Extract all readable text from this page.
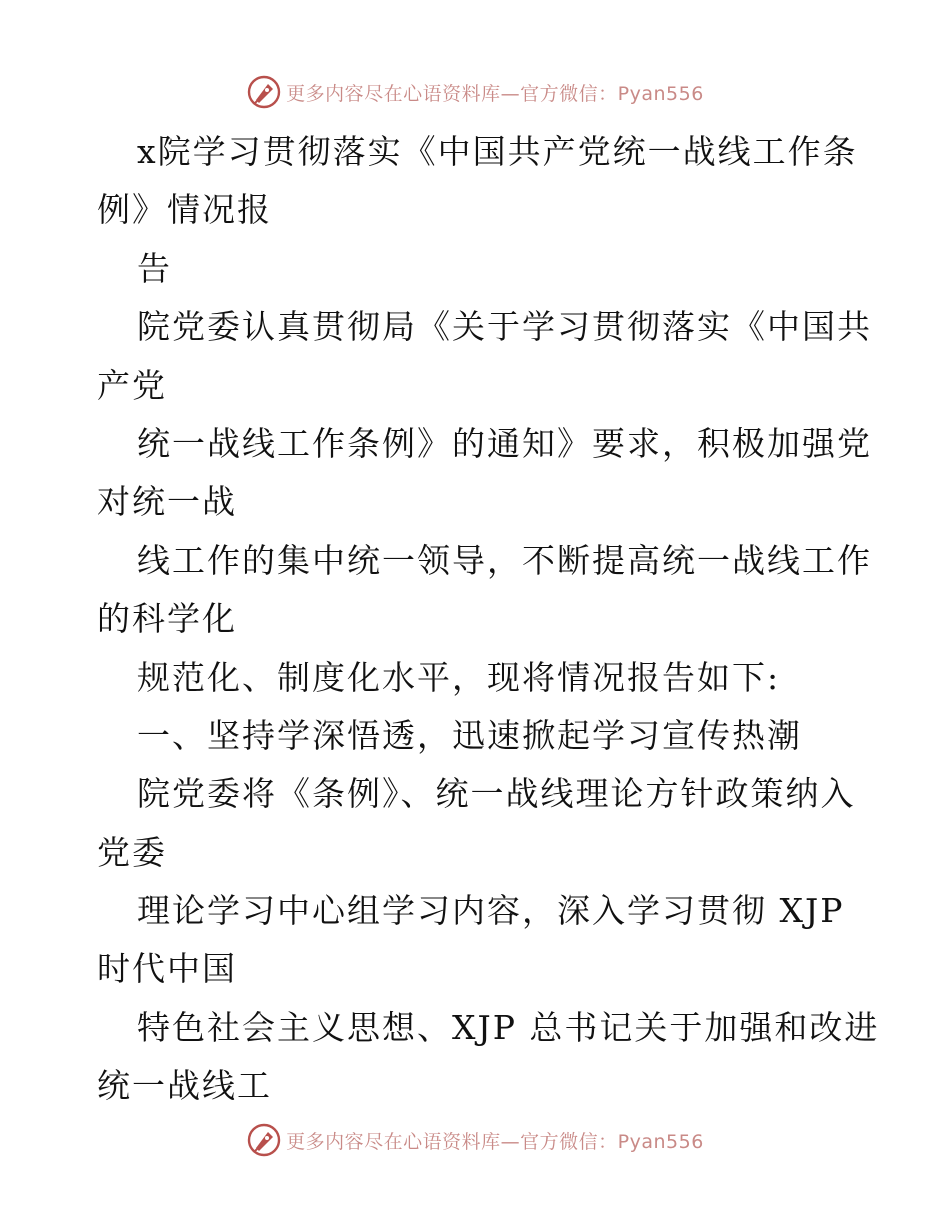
更多内容尽在心语资料库—官方微信：Pyan556
x院学习贯彻落实《中国共产党统一战线工作条
例》情况报
告
院党委认真贯彻局《关于学习贯彻落实《中国共
产党
统一战线工作条例》的通知》要求，积极加强党
对统一战
线工作的集中统一领导，不断提高统一战线工作
的科学化
规范化、制度化水平，现将情况报告如下:
一、坚持学深悟透，迅速掀起学习宣传热潮
院党委将《条例》、统一战线理论方针政策纳入
党委
理论学习中心组学习内容，深入学习贯彻 XJP
时代中国
特色社会主义思想、XJP 总书记关于加强和改进
统一战线工
更多内容尽在心语资料库—官方微信：Pyan556
